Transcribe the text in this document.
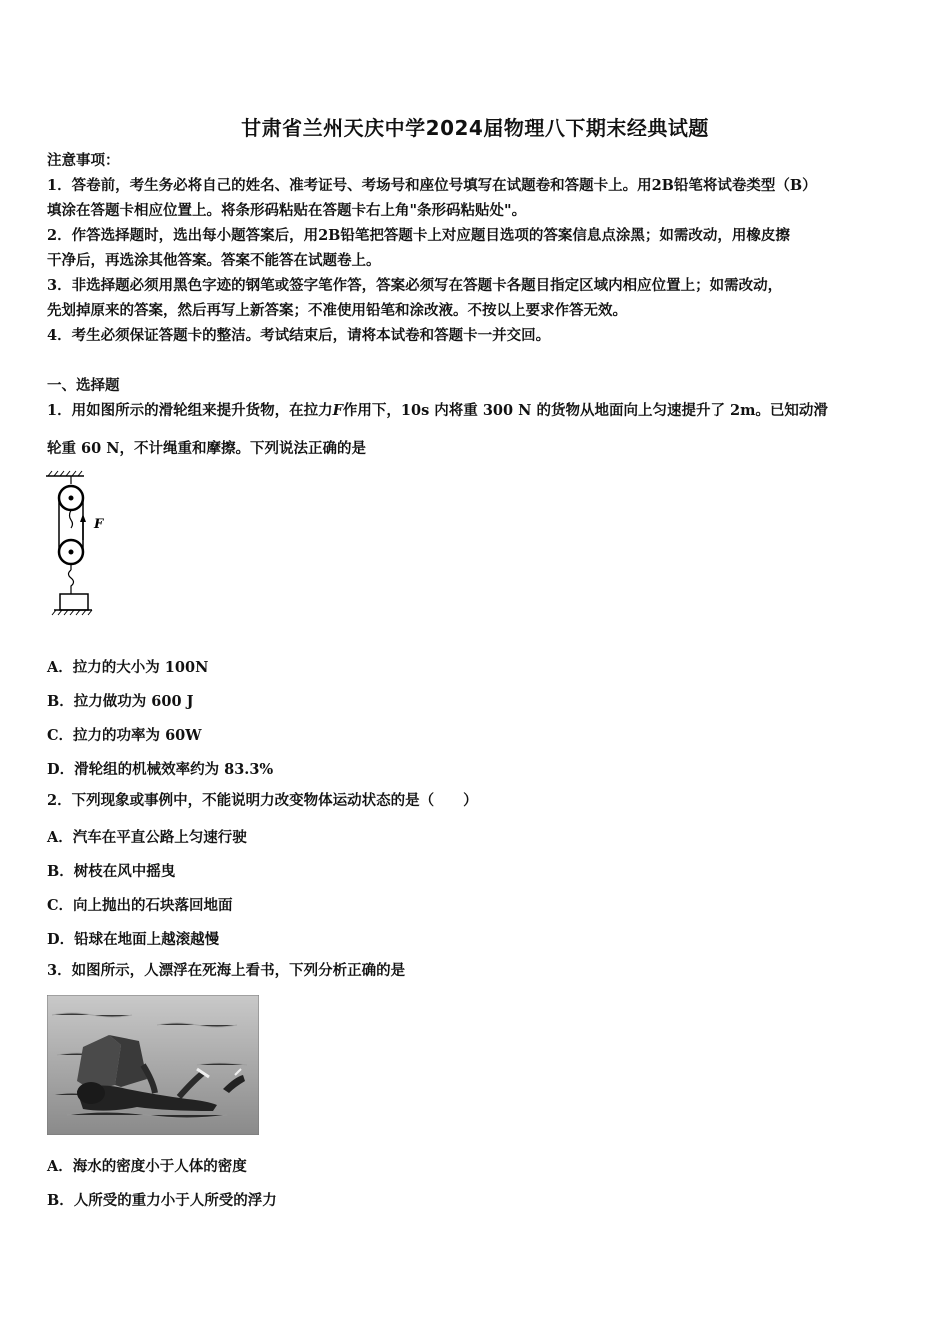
甘肃省兰州天庆中学2024届物理八下期末经典试题
注意事项：
1．答卷前，考生务必将自己的姓名、准考证号、考场号和座位号填写在试题卷和答题卡上。用2B铅笔将试卷类型（B）
填涂在答题卡相应位置上。将条形码粘贴在答题卡右上角"条形码粘贴处"。
2．作答选择题时，选出每小题答案后，用2B铅笔把答题卡上对应题目选项的答案信息点涂黑；如需改动，用橡皮擦
干净后，再选涂其他答案。答案不能答在试题卷上。
3．非选择题必须用黑色字迹的钢笔或签字笔作答，答案必须写在答题卡各题目指定区域内相应位置上；如需改动，
先划掉原来的答案，然后再写上新答案；不准使用铅笔和涂改液。不按以上要求作答无效。
4．考生必须保证答题卡的整洁。考试结束后，请将本试卷和答题卡一并交回。
一、选择题
1．用如图所示的滑轮组来提升货物，在拉力F作用下，10s 内将重 300 N 的货物从地面向上匀速提升了 2m。已知动滑
轮重 60 N，不计绳重和摩擦。下列说法正确的是
F
A．拉力的大小为 100N
B．拉力做功为 600 J
C．拉力的功率为 60W
D．滑轮组的机械效率约为 83.3%
2．下列现象或事例中，不能说明力改变物体运动状态的是（　　）
A．汽车在平直公路上匀速行驶
B．树枝在风中摇曳
C．向上抛出的石块落回地面
D．铅球在地面上越滚越慢
3．如图所示，人漂浮在死海上看书，下列分析正确的是
A．海水的密度小于人体的密度
B．人所受的重力小于人所受的浮力
